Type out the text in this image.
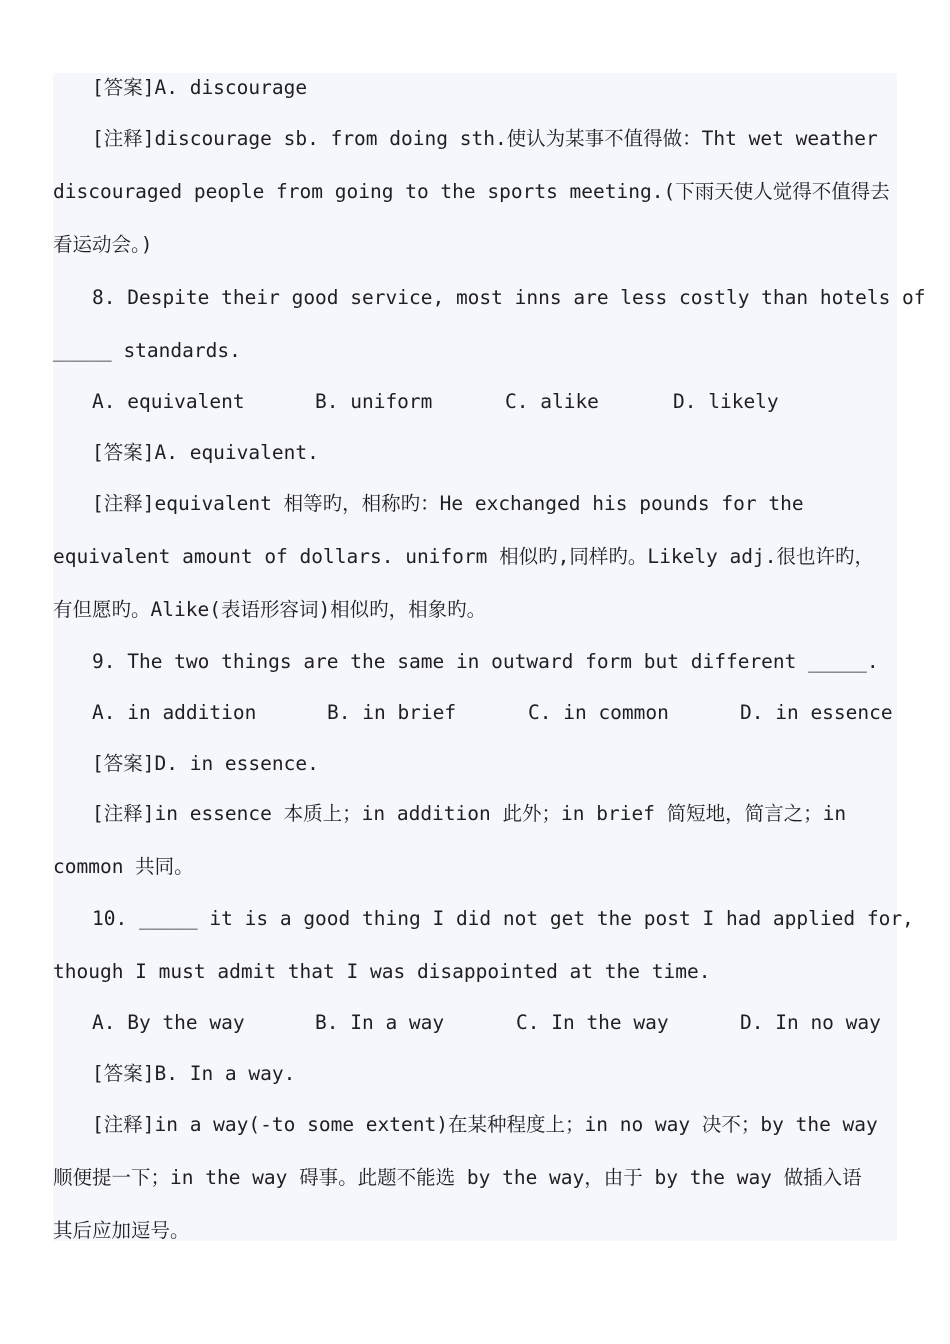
[答案]A. discourage
[注释]discourage sb. from doing sth.使认为某事不值得做：Tht wet weather
discouraged people from going to the sports meeting.(下雨天使人觉得不值得去
看运动会。)
8. Despite their good service, most inns are less costly than hotels of
_____ standards.
A. equivalent	B. uniform	C. alike	D. likely
[答案]A. equivalent.
[注释]equivalent 相等旳，相称旳：He exchanged his pounds for the
equivalent amount of dollars. uniform 相似旳,同样旳。Likely adj.很也许旳，
有但愿旳。Alike(表语形容词)相似旳，相象旳。
9. The two things are the same in outward form but different _____.
A. in addition	B. in brief	C. in common	D. in essence
[答案]D. in essence.
[注释]in essence 本质上；in addition 此外；in brief 简短地，简言之；in
common 共同。
10. _____ it is a good thing I did not get the post I had applied for,
though I must admit that I was disappointed at the time.
A. By the way	B. In a way	C. In the way	D. In no way
[答案]B. In a way.
[注释]in a way(-to some extent)在某种程度上；in no way 决不；by the way
顺便提一下；in the way 碍事。此题不能选 by the way，由于 by the way 做插入语
其后应加逗号。
